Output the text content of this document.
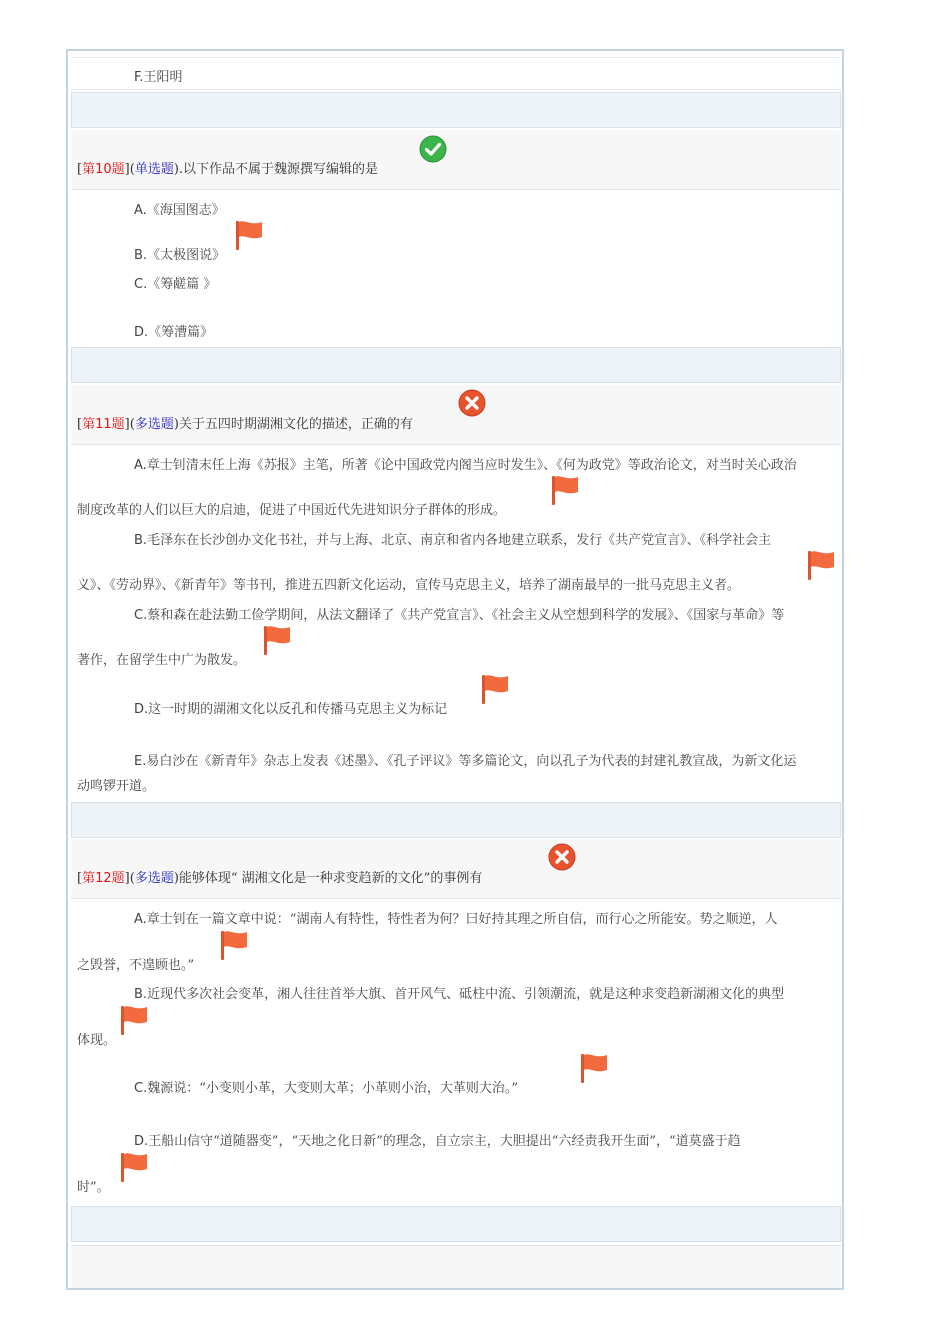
F.王阳明
[第10题](单选题).以下作品不属于魏源撰写编辑的是
A.《海国图志》
B.《太极图说》
C.《筹鹾篇 》
D.《筹漕篇》
[第11题](多选题)关于五四时期湖湘文化的描述，正确的有
A.章士钊清末任上海《苏报》主笔，所著《论中国政党内阁当应时发生》、《何为政党》等政治论文，对当时关心政治
制度改革的人们以巨大的启迪，促进了中国近代先进知识分子群体的形成。
B.毛泽东在长沙创办文化书社，并与上海、北京、南京和省内各地建立联系，发行《共产党宣言》、《科学社会主
义》、《劳动界》、《新青年》等书刊，推进五四新文化运动，宣传马克思主义，培养了湖南最早的一批马克思主义者。
C.蔡和森在赴法勤工俭学期间，从法文翻译了《共产党宣言》、《社会主义从空想到科学的发展》、《国家与革命》等
著作，在留学生中广为散发。
D.这一时期的湖湘文化以反孔和传播马克思主义为标记
E.易白沙在《新青年》杂志上发表《述墨》、《孔子评议》等多篇论文，向以孔子为代表的封建礼教宣战，为新文化运
动鸣锣开道。
[第12题](多选题)能够体现“ 湖湘文化是一种求变趋新的文化”的事例有
A.章士钊在一篇文章中说：“湖南人有特性，特性者为何？曰好持其理之所自信，而行心之所能安。势之顺逆，人
之毁誉，不遑顾也。”
B.近现代多次社会变革，湘人往往首举大旗、首开风气、砥柱中流、引领潮流，就是这种求变趋新湖湘文化的典型
体现。
C.魏源说：“小变则小革，大变则大革；小革则小治，大革则大治。”
D.王船山信守“道随器变”，“天地之化日新”的理念，自立宗主，大胆提出“六经责我开生面”，“道莫盛于趋
时”。
